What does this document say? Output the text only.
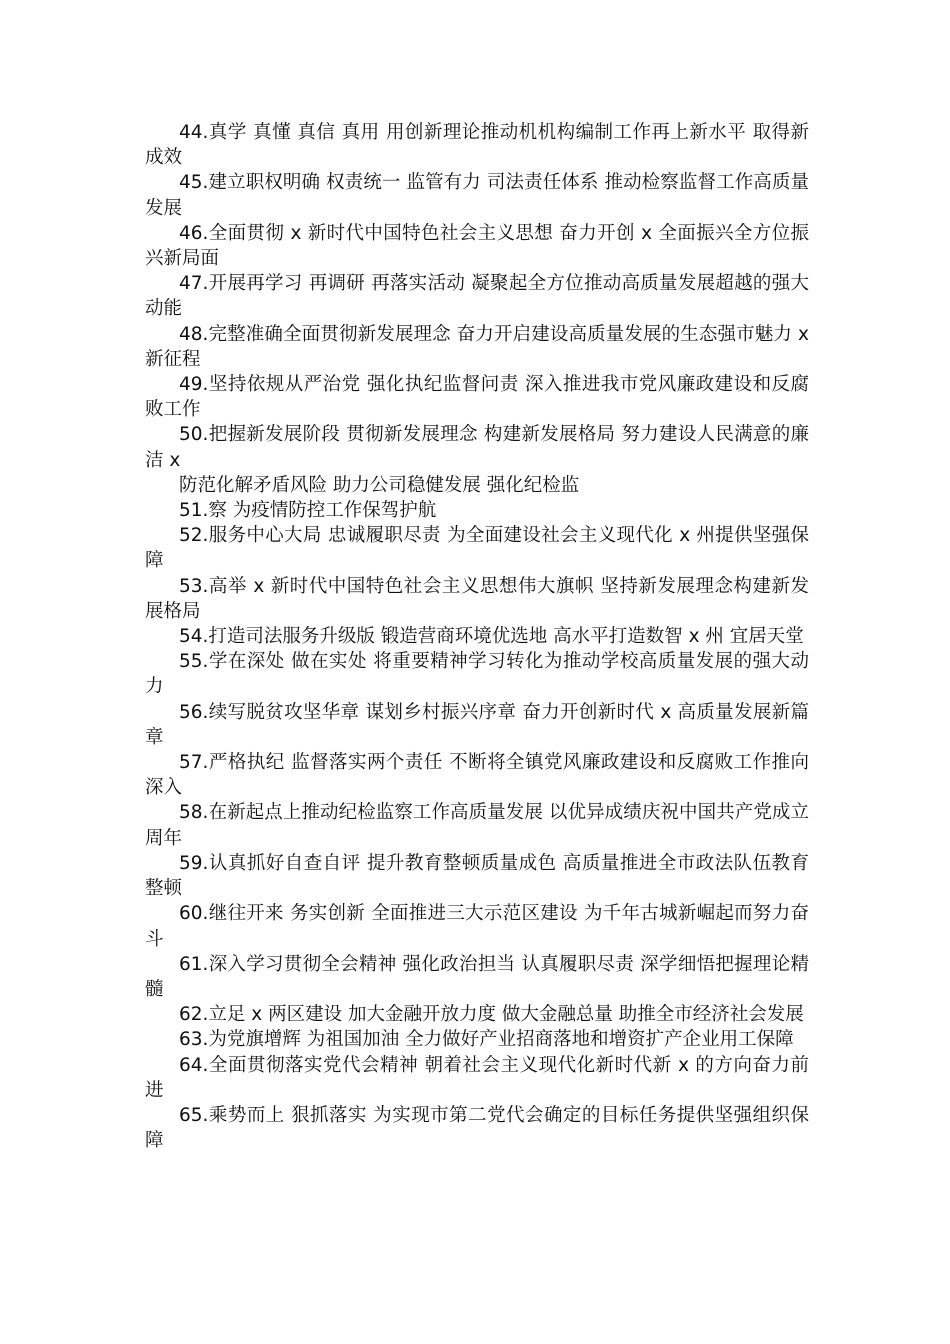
44.真学 真懂 真信 真用 用创新理论推动机机构编制工作再上新水平 取得新成效

45.建立职权明确 权责统一 监管有力 司法责任体系 推动检察监督工作高质量发展

46.全面贯彻 x 新时代中国特色社会主义思想 奋力开创 x 全面振兴全方位振兴新局面

47.开展再学习 再调研 再落实活动 凝聚起全方位推动高质量发展超越的强大动能

48.完整准确全面贯彻新发展理念 奋力开启建设高质量发展的生态强市魅力 x 新征程

49.坚持依规从严治党 强化执纪监督问责 深入推进我市党风廉政建设和反腐败工作

50.把握新发展阶段 贯彻新发展理念 构建新发展格局 努力建设人民满意的廉洁 x

防范化解矛盾风险 助力公司稳健发展 强化纪检监

51.察 为疫情防控工作保驾护航

52.服务中心大局 忠诚履职尽责 为全面建设社会主义现代化 x 州提供坚强保障

53.高举 x 新时代中国特色社会主义思想伟大旗帜 坚持新发展理念构建新发展格局

54.打造司法服务升级版 锻造营商环境优选地 高水平打造数智 x 州 宜居天堂

55.学在深处 做在实处 将重要精神学习转化为推动学校高质量发展的强大动力

56.续写脱贫攻坚华章 谋划乡村振兴序章 奋力开创新时代 x 高质量发展新篇章

57.严格执纪 监督落实两个责任 不断将全镇党风廉政建设和反腐败工作推向深入

58.在新起点上推动纪检监察工作高质量发展 以优异成绩庆祝中国共产党成立周年

59.认真抓好自查自评 提升教育整顿质量成色 高质量推进全市政法队伍教育整顿

60.继往开来 务实创新 全面推进三大示范区建设 为千年古城新崛起而努力奋斗

61.深入学习贯彻全会精神 强化政治担当 认真履职尽责 深学细悟把握理论精髓

62.立足 x 两区建设 加大金融开放力度 做大金融总量 助推全市经济社会发展

63.为党旗增辉 为祖国加油 全力做好产业招商落地和增资扩产企业用工保障

64.全面贯彻落实党代会精神 朝着社会主义现代化新时代新 x 的方向奋力前进

65.乘势而上 狠抓落实 为实现市第二党代会确定的目标任务提供坚强组织保障
